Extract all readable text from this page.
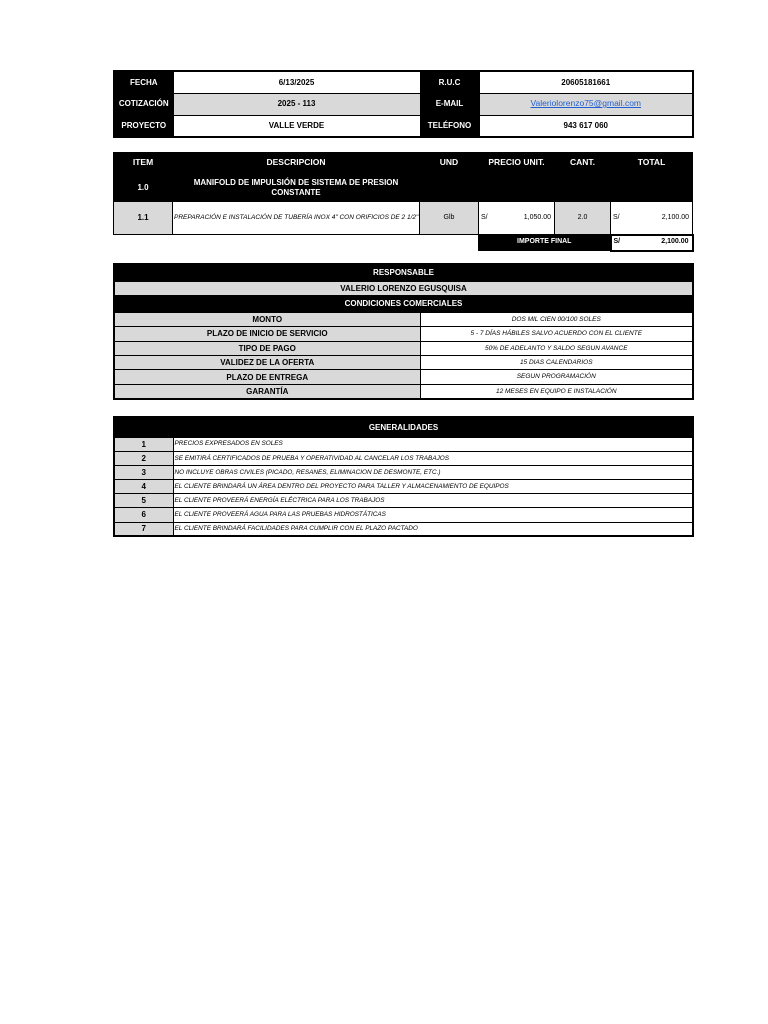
FECHA	6/13/2025	R.U.C	20605181661
COTIZACIÓN	2025 - 113	E-MAIL	Valeriolorenzo75@gmail.com
PROYECTO	VALLE VERDE	TELÉFONO	943 617 060
ITEM	DESCRIPCION	UND	PRECIO UNIT.	CANT.	TOTAL
1.0	MANIFOLD DE IMPULSIÓN DE SISTEMA DE PRESION CONSTANTE				
1.1	PREPARACIÓN E INSTALACIÓN DE TUBERÍA INOX 4" CON ORIFICIOS DE 2 1/2"	Glb	S/ 1,050.00	2.0	S/ 2,100.00

			IMPORTE FINAL		S/ 2,100.00
RESPONSABLE	
VALERIO LORENZO EGUSQUISA	
CONDICIONES COMERCIALES	
MONTO	DOS MIL CIEN 00/100 SOLES
PLAZO DE INICIO DE SERVICIO	5 - 7 DÍAS HÁBILES SALVO ACUERDO CON EL CLIENTE
TIPO DE PAGO	50% DE ADELANTO Y SALDO SEGUN AVANCE
VALIDEZ DE LA OFERTA	15 DIAS CALENDARIOS
PLAZO DE ENTREGA	SEGUN PROGRAMACIÓN
GARANTÍA	12 MESES EN EQUIPO E INSTALACIÓN
GENERALIDADES	
1	PRECIOS EXPRESADOS EN SOLES
2	SE EMITIRÁ CERTIFICADOS DE PRUEBA Y OPERATIVIDAD AL CANCELAR LOS TRABAJOS
3	NO INCLUYE OBRAS CIVILES (PICADO, RESANES, ELIMINACION DE DESMONTE, ETC.)
4	EL CLIENTE BRINDARÁ UN ÁREA DENTRO DEL PROYECTO PARA TALLER Y ALMACENAMIENTO DE EQUIPOS
5	EL CLIENTE PROVEERÁ ENERGÍA ELÉCTRICA PARA LOS TRABAJOS
6	EL CLIENTE PROVEERÁ AGUA PARA LAS PRUEBAS HIDROSTÁTICAS
7	EL CLIENTE BRINDARÁ FACILIDADES PARA CUMPLIR CON EL PLAZO PACTADO
